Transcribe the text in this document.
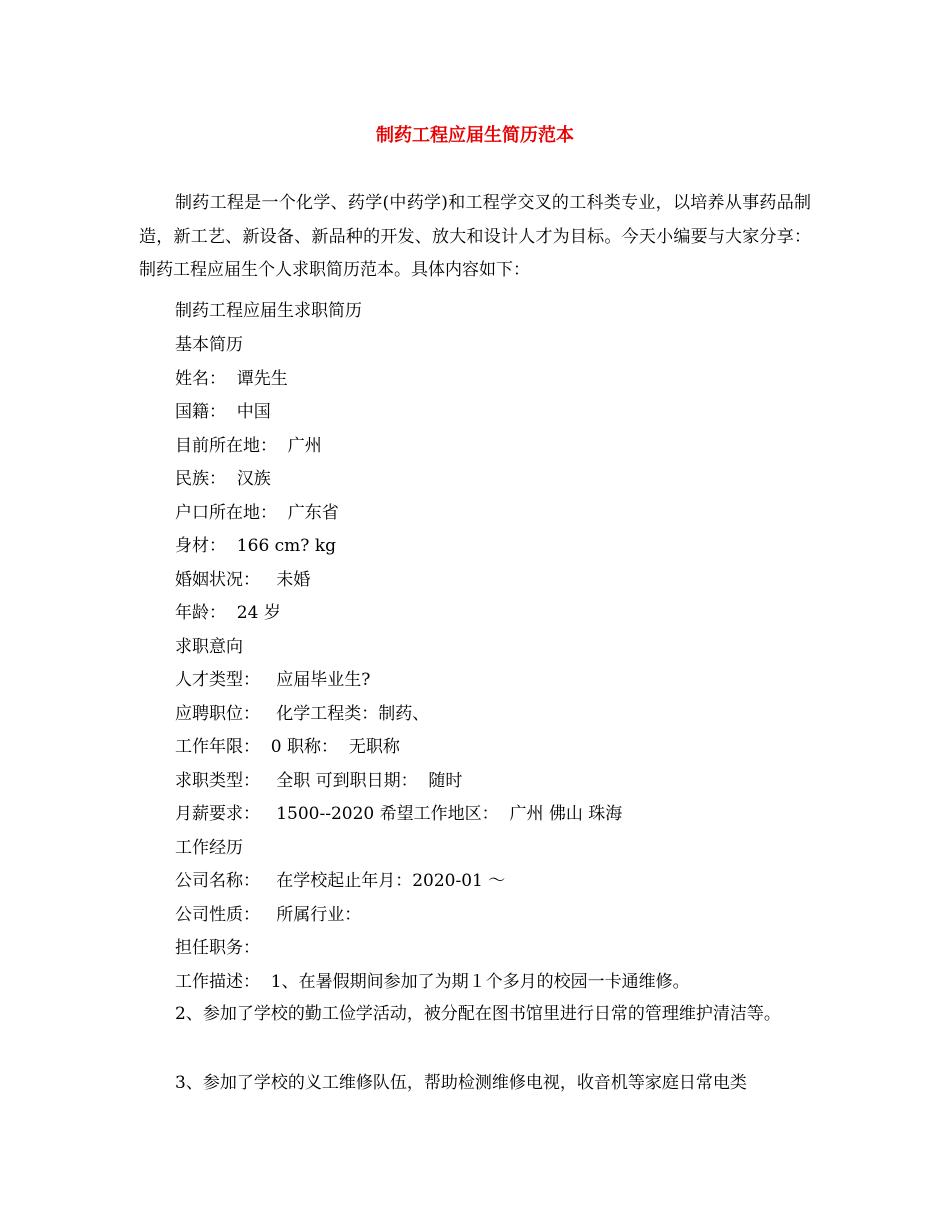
制药工程应届生简历范本

制药工程是一个化学、药学(中药学)和工程学交叉的工科类专业，以培养从事药品制造，新工艺、新设备、新品种的开发、放大和设计人才为目标。今天小编要与大家分享：制药工程应届生个人求职简历范本。具体内容如下：

制药工程应届生求职简历
基本简历
姓名：  谭先生
国籍：  中国
目前所在地：  广州
民族：  汉族
户口所在地：  广东省
身材：  166 cm? kg
婚姻状况：   未婚
年龄：  24 岁
求职意向
人才类型：   应届毕业生?
应聘职位：   化学工程类：制药、
工作年限：  0 职称：  无职称
求职类型：   全职 可到职日期：  随时
月薪要求：   1500--2020 希望工作地区：  广州 佛山 珠海
工作经历
公司名称：   在学校起止年月：2020-01 ～
公司性质：   所属行业：
担任职务：
工作描述：  1、在暑假期间参加了为期１个多月的校园一卡通维修。

2、参加了学校的勤工俭学活动，被分配在图书馆里进行日常的管理维护清洁等。

3、参加了学校的义工维修队伍，帮助检测维修电视，收音机等家庭日常电类
